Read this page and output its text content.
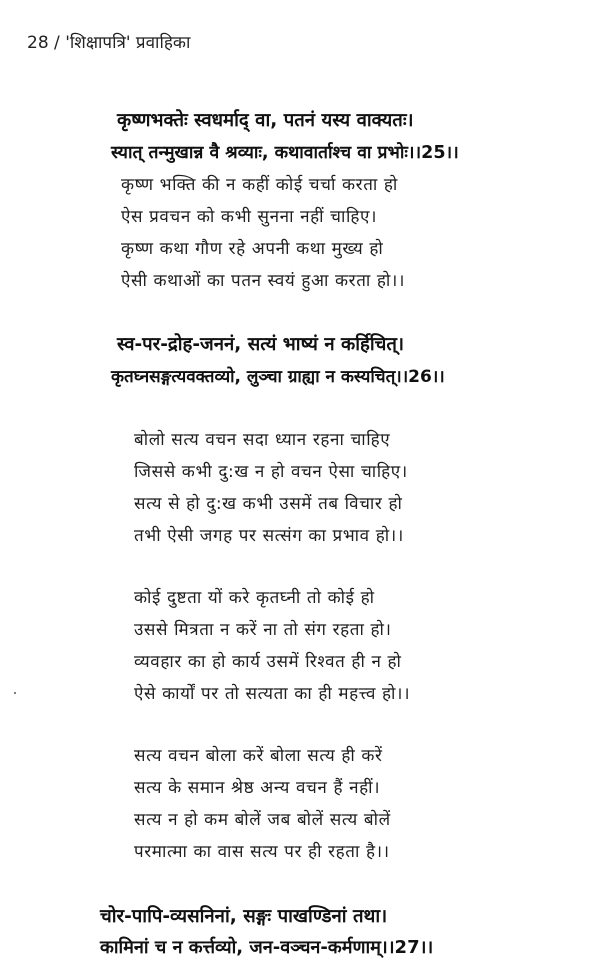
28 / 'शिक्षापत्रि' प्रवाहिका
कृष्णभक्तेः स्वधर्माद् वा, पतनं यस्य वाक्यतः।
स्यात् तन्मुखान्न वै श्रव्याः, कथावार्ताश्च वा प्रभोः।।25।।
कृष्ण भक्ति की न कहीं कोई चर्चा करता हो
ऐस प्रवचन को कभी सुनना नहीं चाहिए।
कृष्ण कथा गौण रहे अपनी कथा मुख्य हो
ऐसी कथाओं का पतन स्वयं हुआ करता हो।।
स्व-पर-द्रोह-जननं, सत्यं भाष्यं न कर्हिचित्।
कृतघ्नसङ्गत्यवक्तव्यो, लुञ्चा ग्राह्या न कस्यचित्।।26।।
बोलो सत्य वचन सदा ध्यान रहना चाहिए
जिससे कभी दु:ख न हो वचन ऐसा चाहिए।
सत्य से हो दु:ख कभी उसमें तब विचार हो
तभी ऐसी जगह पर सत्संग का प्रभाव हो।।
कोई दुष्टता यों करे कृतघ्नी तो कोई हो
उससे मित्रता न करें ना तो संग रहता हो।
व्यवहार का हो कार्य उसमें रिश्वत ही न हो
ऐसे कार्यों पर तो सत्यता का ही महत्त्व हो।।
सत्य वचन बोला करें बोला सत्य ही करें
सत्य के समान श्रेष्ठ अन्य वचन हैं नहीं।
सत्य न हो कम बोलें जब बोलें सत्य बोलें
परमात्मा का वास सत्य पर ही रहता है।।
चोर-पापि-व्यसनिनां, सङ्गः पाखण्डिनां तथा।
कामिनां च न कर्त्तव्यो, जन-वञ्चन-कर्मणाम्।।27।।
